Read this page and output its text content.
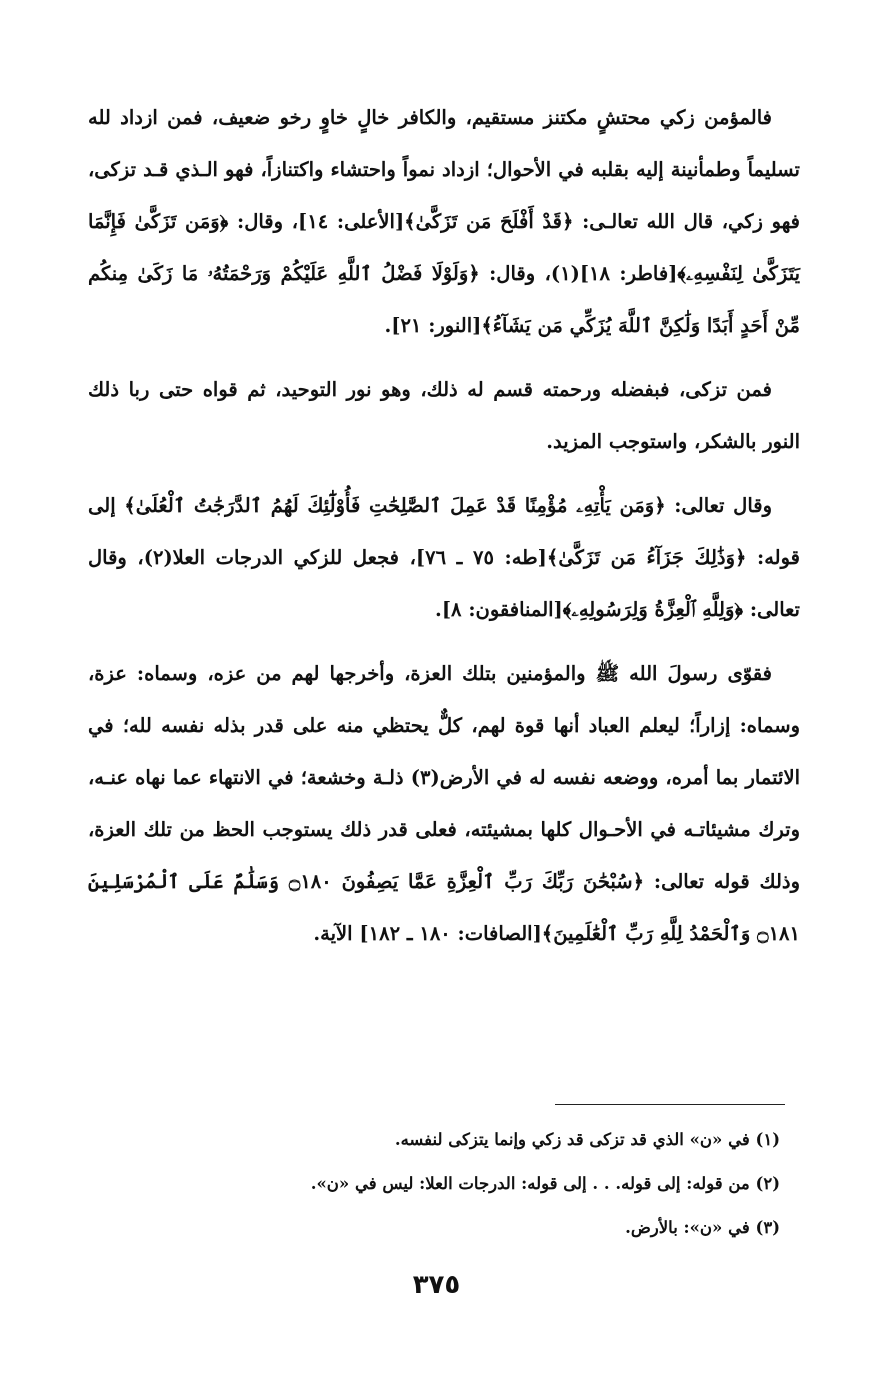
فالمؤمن زكي محتشٍ مكتنز مستقيم، والكافر خالٍ خاوٍ رخو ضعيف، فمن ازداد لله تسليماً وطمأنينة إليه بقلبه في الأحوال؛ ازداد نمواً واحتشاء واكتنازاً، فهو الـذي قـد تزكى، فهو زكي، قال الله تعالـى: ﴿قَدْ أَفْلَحَ مَن تَزَكَّىٰ﴾[الأعلى: ١٤]، وقال: ﴿وَمَن تَزَكَّىٰ فَإِنَّمَا يَتَزَكَّىٰ لِنَفْسِهِۦ﴾[فاطر: ١٨](١)، وقال: ﴿وَلَوْلَا فَضْلُ ٱللَّهِ عَلَيْكُمْ وَرَحْمَتُهُۥ مَا زَكَىٰ مِنكُم مِّنْ أَحَدٍ أَبَدًا وَلَٰكِنَّ ٱللَّهَ يُزَكِّي مَن يَشَآءُ﴾[النور: ٢١].

فمن تزكى، فبفضله ورحمته قسم له ذلك، وهو نور التوحيد، ثم قواه حتى ربا ذلك النور بالشكر، واستوجب المزيد.

وقال تعالى: ﴿وَمَن يَأْتِهِۦ مُؤْمِنًا قَدْ عَمِلَ ٱلصَّٰلِحَٰتِ فَأُوْلَٰٓئِكَ لَهُمُ ٱلدَّرَجَٰتُ ٱلْعُلَىٰ﴾ إلى قوله: ﴿وَذَٰلِكَ جَزَآءُ مَن تَزَكَّىٰ﴾[طه: ٧٥ ـ ٧٦]، فجعل للزكي الدرجات العلا(٢)، وقال تعالى: ﴿وَلِلَّهِ ٱلْعِزَّةُ وَلِرَسُولِهِۦ﴾[المنافقون: ٨].

فقوّى رسولَ الله ﷺ والمؤمنين بتلك العزة، وأخرجها لهم من عزه، وسماه: عزة، وسماه: إزاراً؛ ليعلم العباد أنها قوة لهم، كلٌّ يحتظي منه على قدر بذله نفسه لله؛ في الائتمار بما أمره، ووضعه نفسه له في الأرض(٣) ذلـة وخشعة؛ في الانتهاء عما نهاه عنـه، وترك مشيئاتـه في الأحـوال كلها بمشيئته، فعلى قدر ذلك يستوجب الحظ من تلك العزة، وذلك قوله تعالى: ﴿سُبْحَٰنَ رَبِّكَ رَبِّ ٱلْعِزَّةِ عَمَّا يَصِفُونَ ۝١٨٠ وَسَلَٰمٌ عَلَى ٱلْمُرْسَلِينَ ۝١٨١ وَٱلْحَمْدُ لِلَّهِ رَبِّ ٱلْعَٰلَمِينَ﴾[الصافات: ١٨٠ ـ ١٨٢] الآية.

(١) في «ن» الذي قد تزكى قد زكي وإنما يتزكى لنفسه.
(٢) من قوله: إلى قوله. . . إلى قوله: الدرجات العلا: ليس في «ن».
(٣) في «ن»: بالأرض.
٣٧٥
